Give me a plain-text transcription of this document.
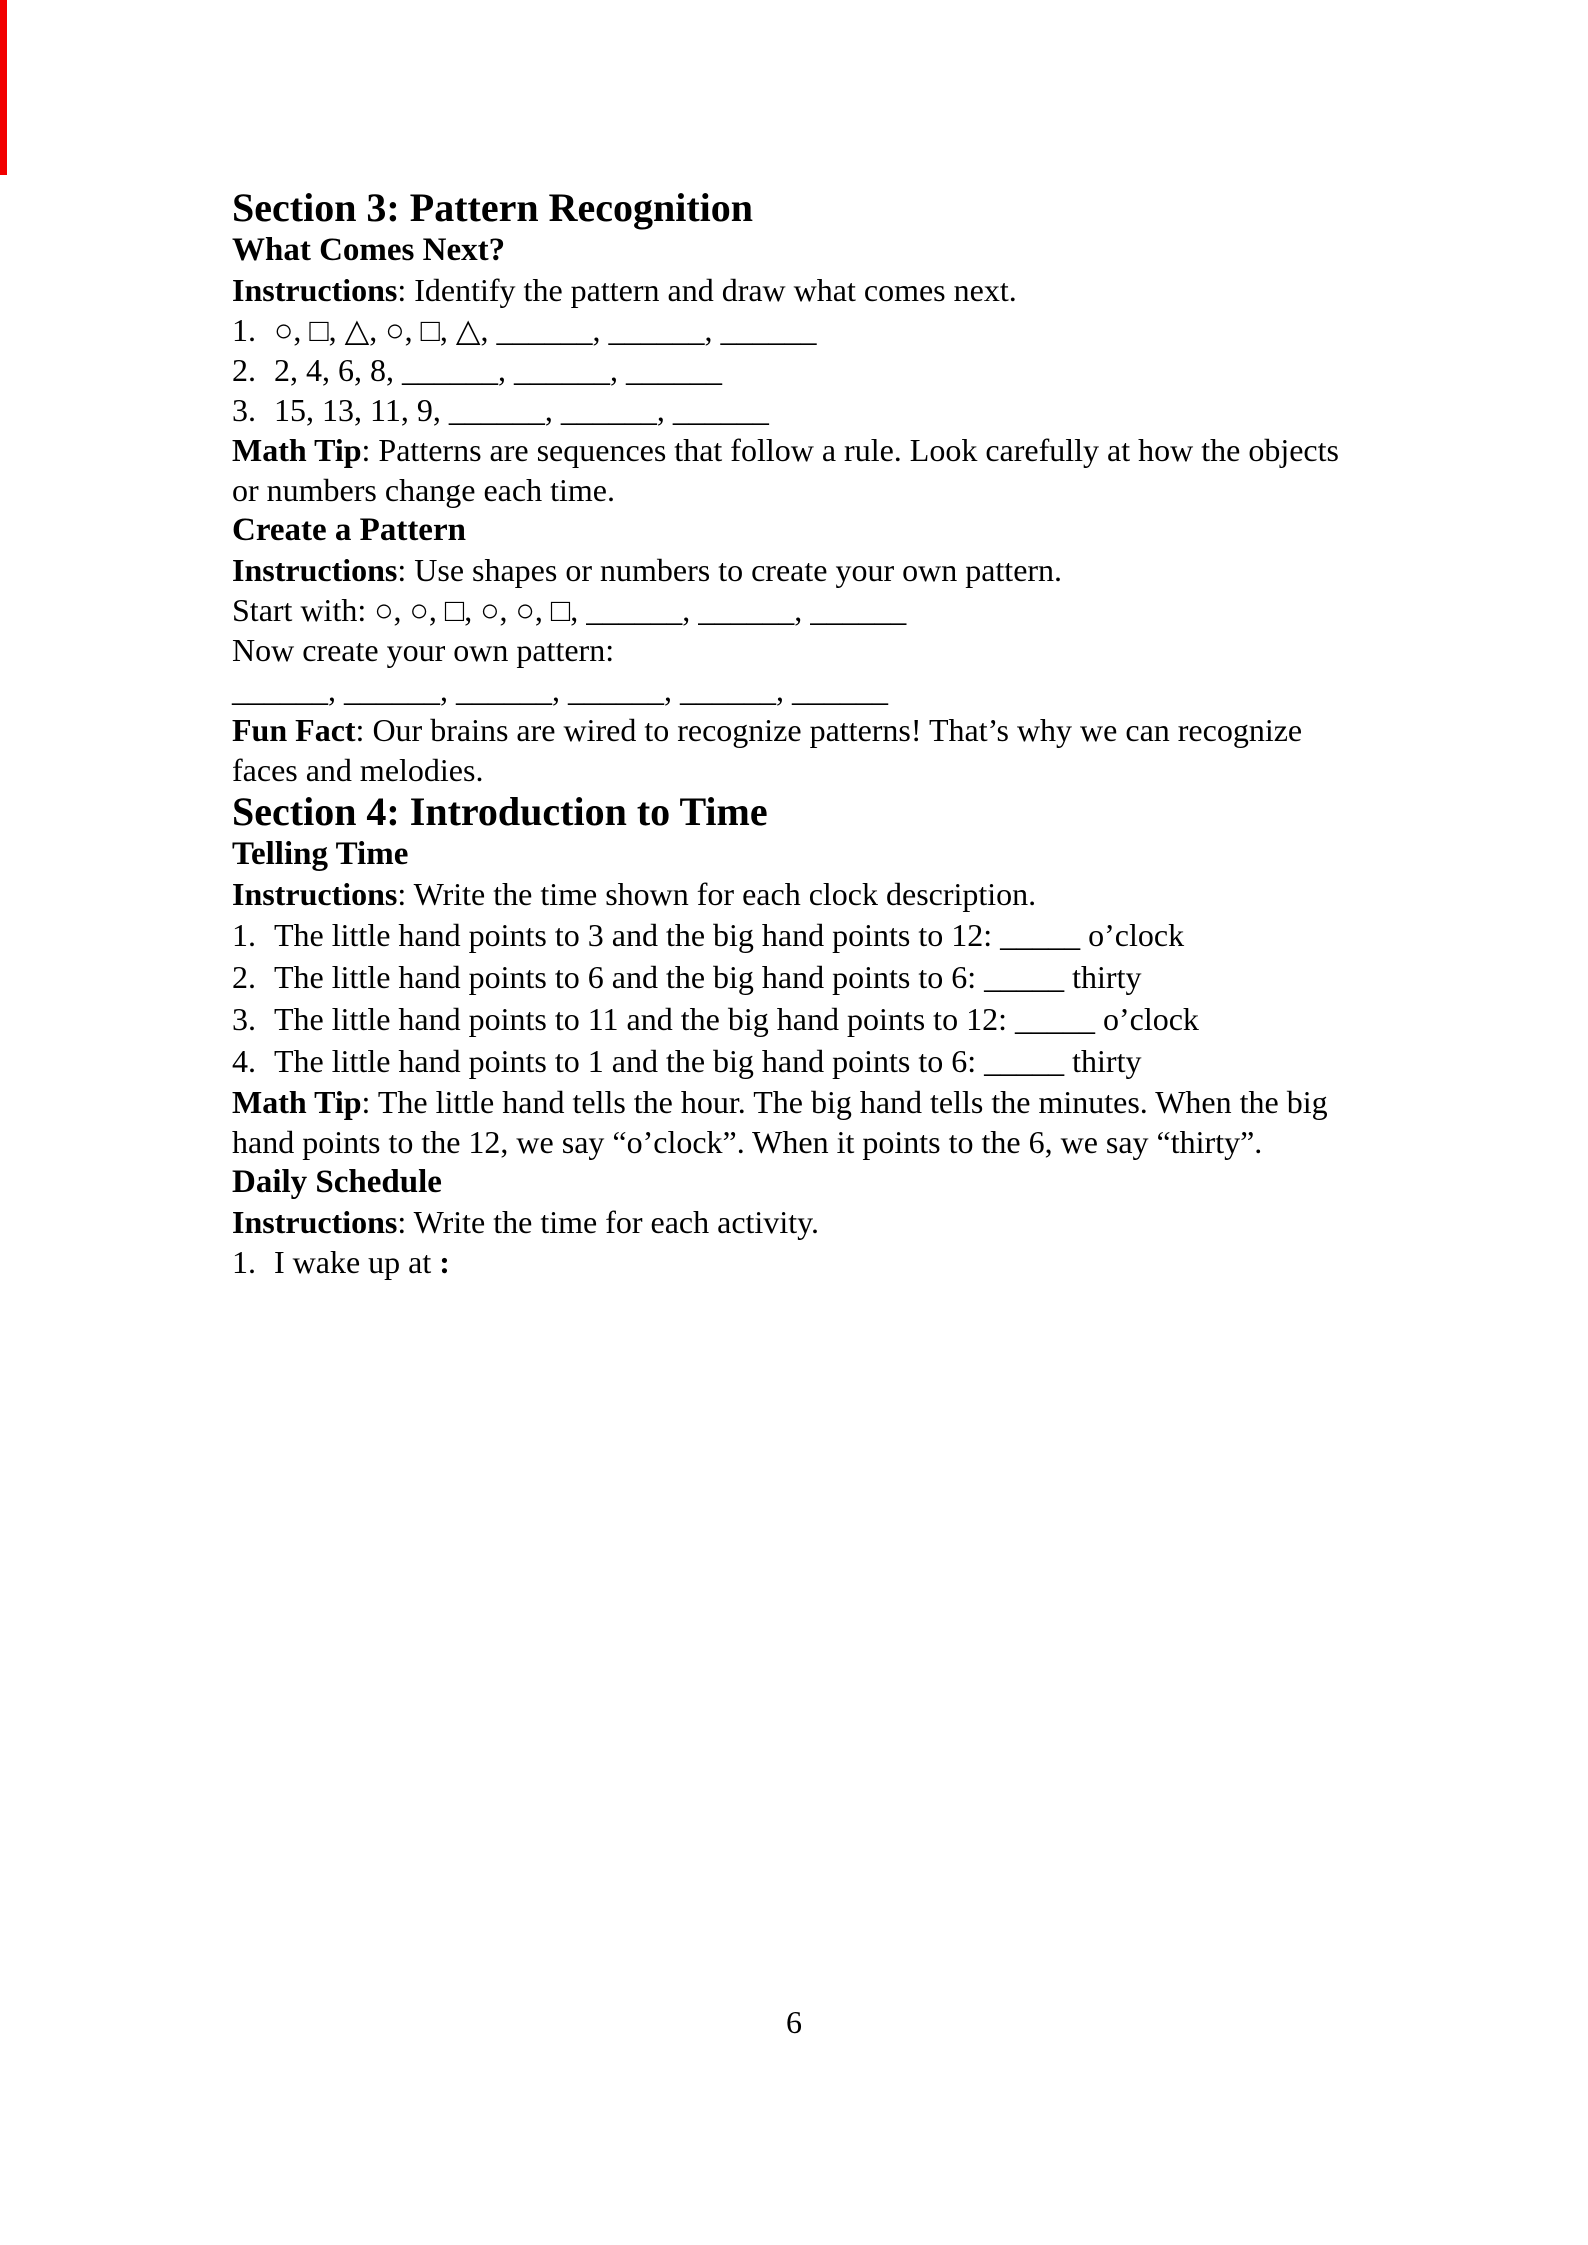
Section 3: Pattern Recognition
What Comes Next?

Instructions: Identify the pattern and draw what comes next.

1. ○, □, △, ○, □, △, ______, ______, ______
2. 2, 4, 6, 8, ______, ______, ______
3. 15, 13, 11, 9, ______, ______, ______

Math Tip: Patterns are sequences that follow a rule. Look carefully at how the objects or numbers change each time.

Create a Pattern

Instructions: Use shapes or numbers to create your own pattern.

Start with: ○, ○, □, ○, ○, □, ______, ______, ______

Now create your own pattern:

______, ______, ______, ______, ______, ______

Fun Fact: Our brains are wired to recognize patterns! That’s why we can recognize faces and melodies.

Section 4: Introduction to Time
Telling Time

Instructions: Write the time shown for each clock description.

1. The little hand points to 3 and the big hand points to 12: _____ o’clock
2. The little hand points to 6 and the big hand points to 6: _____ thirty
3. The little hand points to 11 and the big hand points to 12: _____ o’clock
4. The little hand points to 1 and the big hand points to 6: _____ thirty

Math Tip: The little hand tells the hour. The big hand tells the minutes. When the big hand points to the 12, we say “o’clock”. When it points to the 6, we say “thirty”.

Daily Schedule

Instructions: Write the time for each activity.

1. I wake up at :
6
